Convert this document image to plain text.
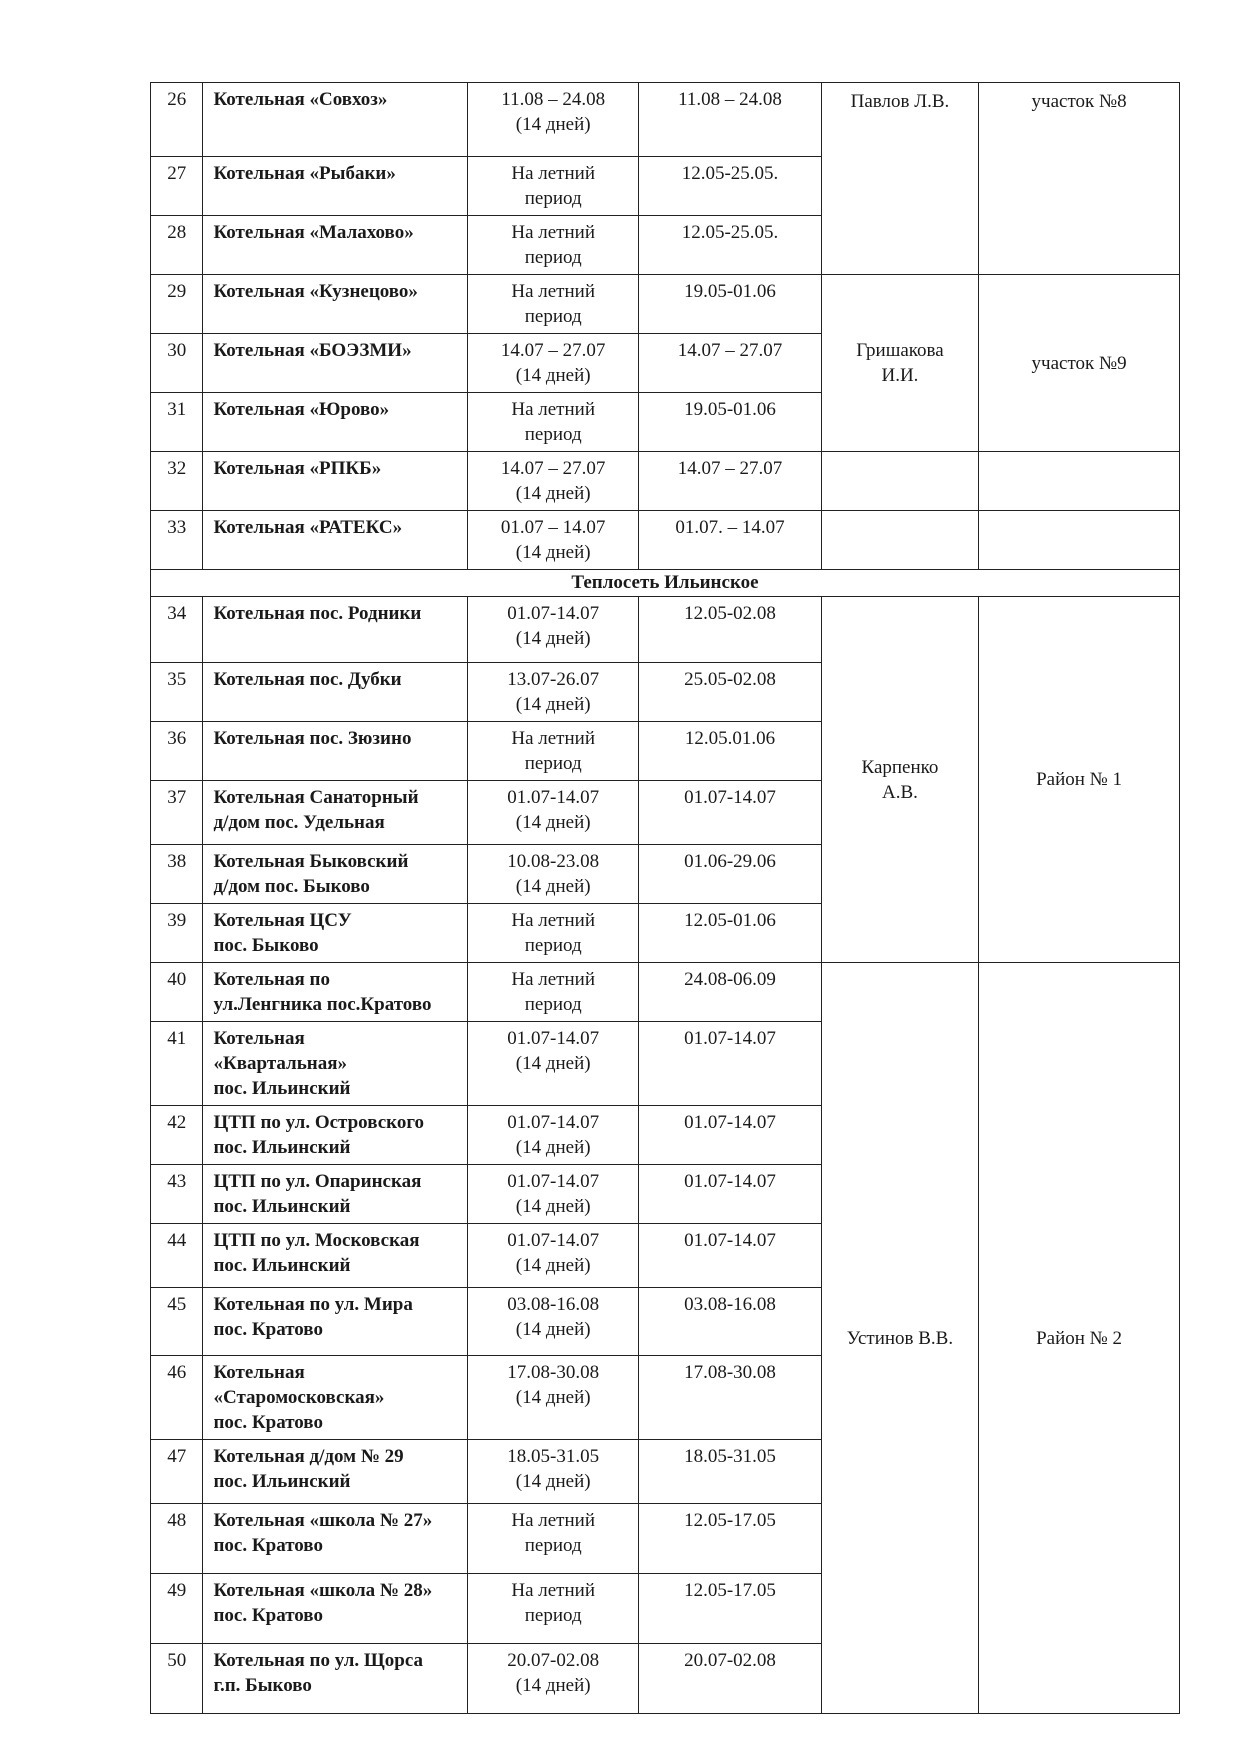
26	Котельная «Совхоз»	11.08 – 24.08
(14 дней)	11.08 – 24.08	Павлов Л.В.	участок №8
27	Котельная «Рыбаки»	На летний
период	12.05-25.05.		
28	Котельная «Малахово»	На летний
период	12.05-25.05.		
29	Котельная «Кузнецово»	На летний
период	19.05-01.06	Гришакова
И.И.	участок №9
30	Котельная «БОЭЗМИ»	14.07 – 27.07
(14 дней)	14.07 – 27.07		
31	Котельная «Юрово»	На летний
период	19.05-01.06		
32	Котельная «РПКБ»	14.07 – 27.07
(14 дней)	14.07 – 27.07		
33	Котельная «РАТЕКС»	01.07 – 14.07
(14 дней)	01.07. – 14.07		
Теплосеть Ильинское					
34	Котельная пос. Родники	01.07-14.07
(14 дней)	12.05-02.08	Карпенко
А.В.	Район № 1
35	Котельная пос. Дубки	13.07-26.07
(14 дней)	25.05-02.08		
36	Котельная пос. Зюзино	На летний
период	12.05.01.06		
37	Котельная Санаторный
д/дом пос. Удельная	01.07-14.07
(14 дней)	01.07-14.07		
38	Котельная Быковский
д/дом пос. Быково	10.08-23.08
(14 дней)	01.06-29.06		
39	Котельная ЦСУ
пос. Быково	На летний
период	12.05-01.06		
40	Котельная по
ул.Ленгника пос.Кратово	На летний
период	24.08-06.09	Устинов В.В.	Район № 2
41	Котельная
«Квартальная»
пос. Ильинский	01.07-14.07
(14 дней)	01.07-14.07		
42	ЦТП по ул. Островского
пос. Ильинский	01.07-14.07
(14 дней)	01.07-14.07		
43	ЦТП по ул. Опаринская
пос. Ильинский	01.07-14.07
(14 дней)	01.07-14.07		
44	ЦТП по ул. Московская
пос. Ильинский	01.07-14.07
(14 дней)	01.07-14.07		
45	Котельная по ул. Мира
пос. Кратово	03.08-16.08
(14 дней)	03.08-16.08		
46	Котельная
«Старомосковская»
пос. Кратово	17.08-30.08
(14 дней)	17.08-30.08		
47	Котельная д/дом № 29
пос. Ильинский	18.05-31.05
(14 дней)	18.05-31.05		
48	Котельная «школа № 27»
пос. Кратово	На летний
период	12.05-17.05		
49	Котельная «школа № 28»
пос. Кратово	На летний
период	12.05-17.05		
50	Котельная по ул. Щорса
г.п. Быково	20.07-02.08
(14 дней)	20.07-02.08		
